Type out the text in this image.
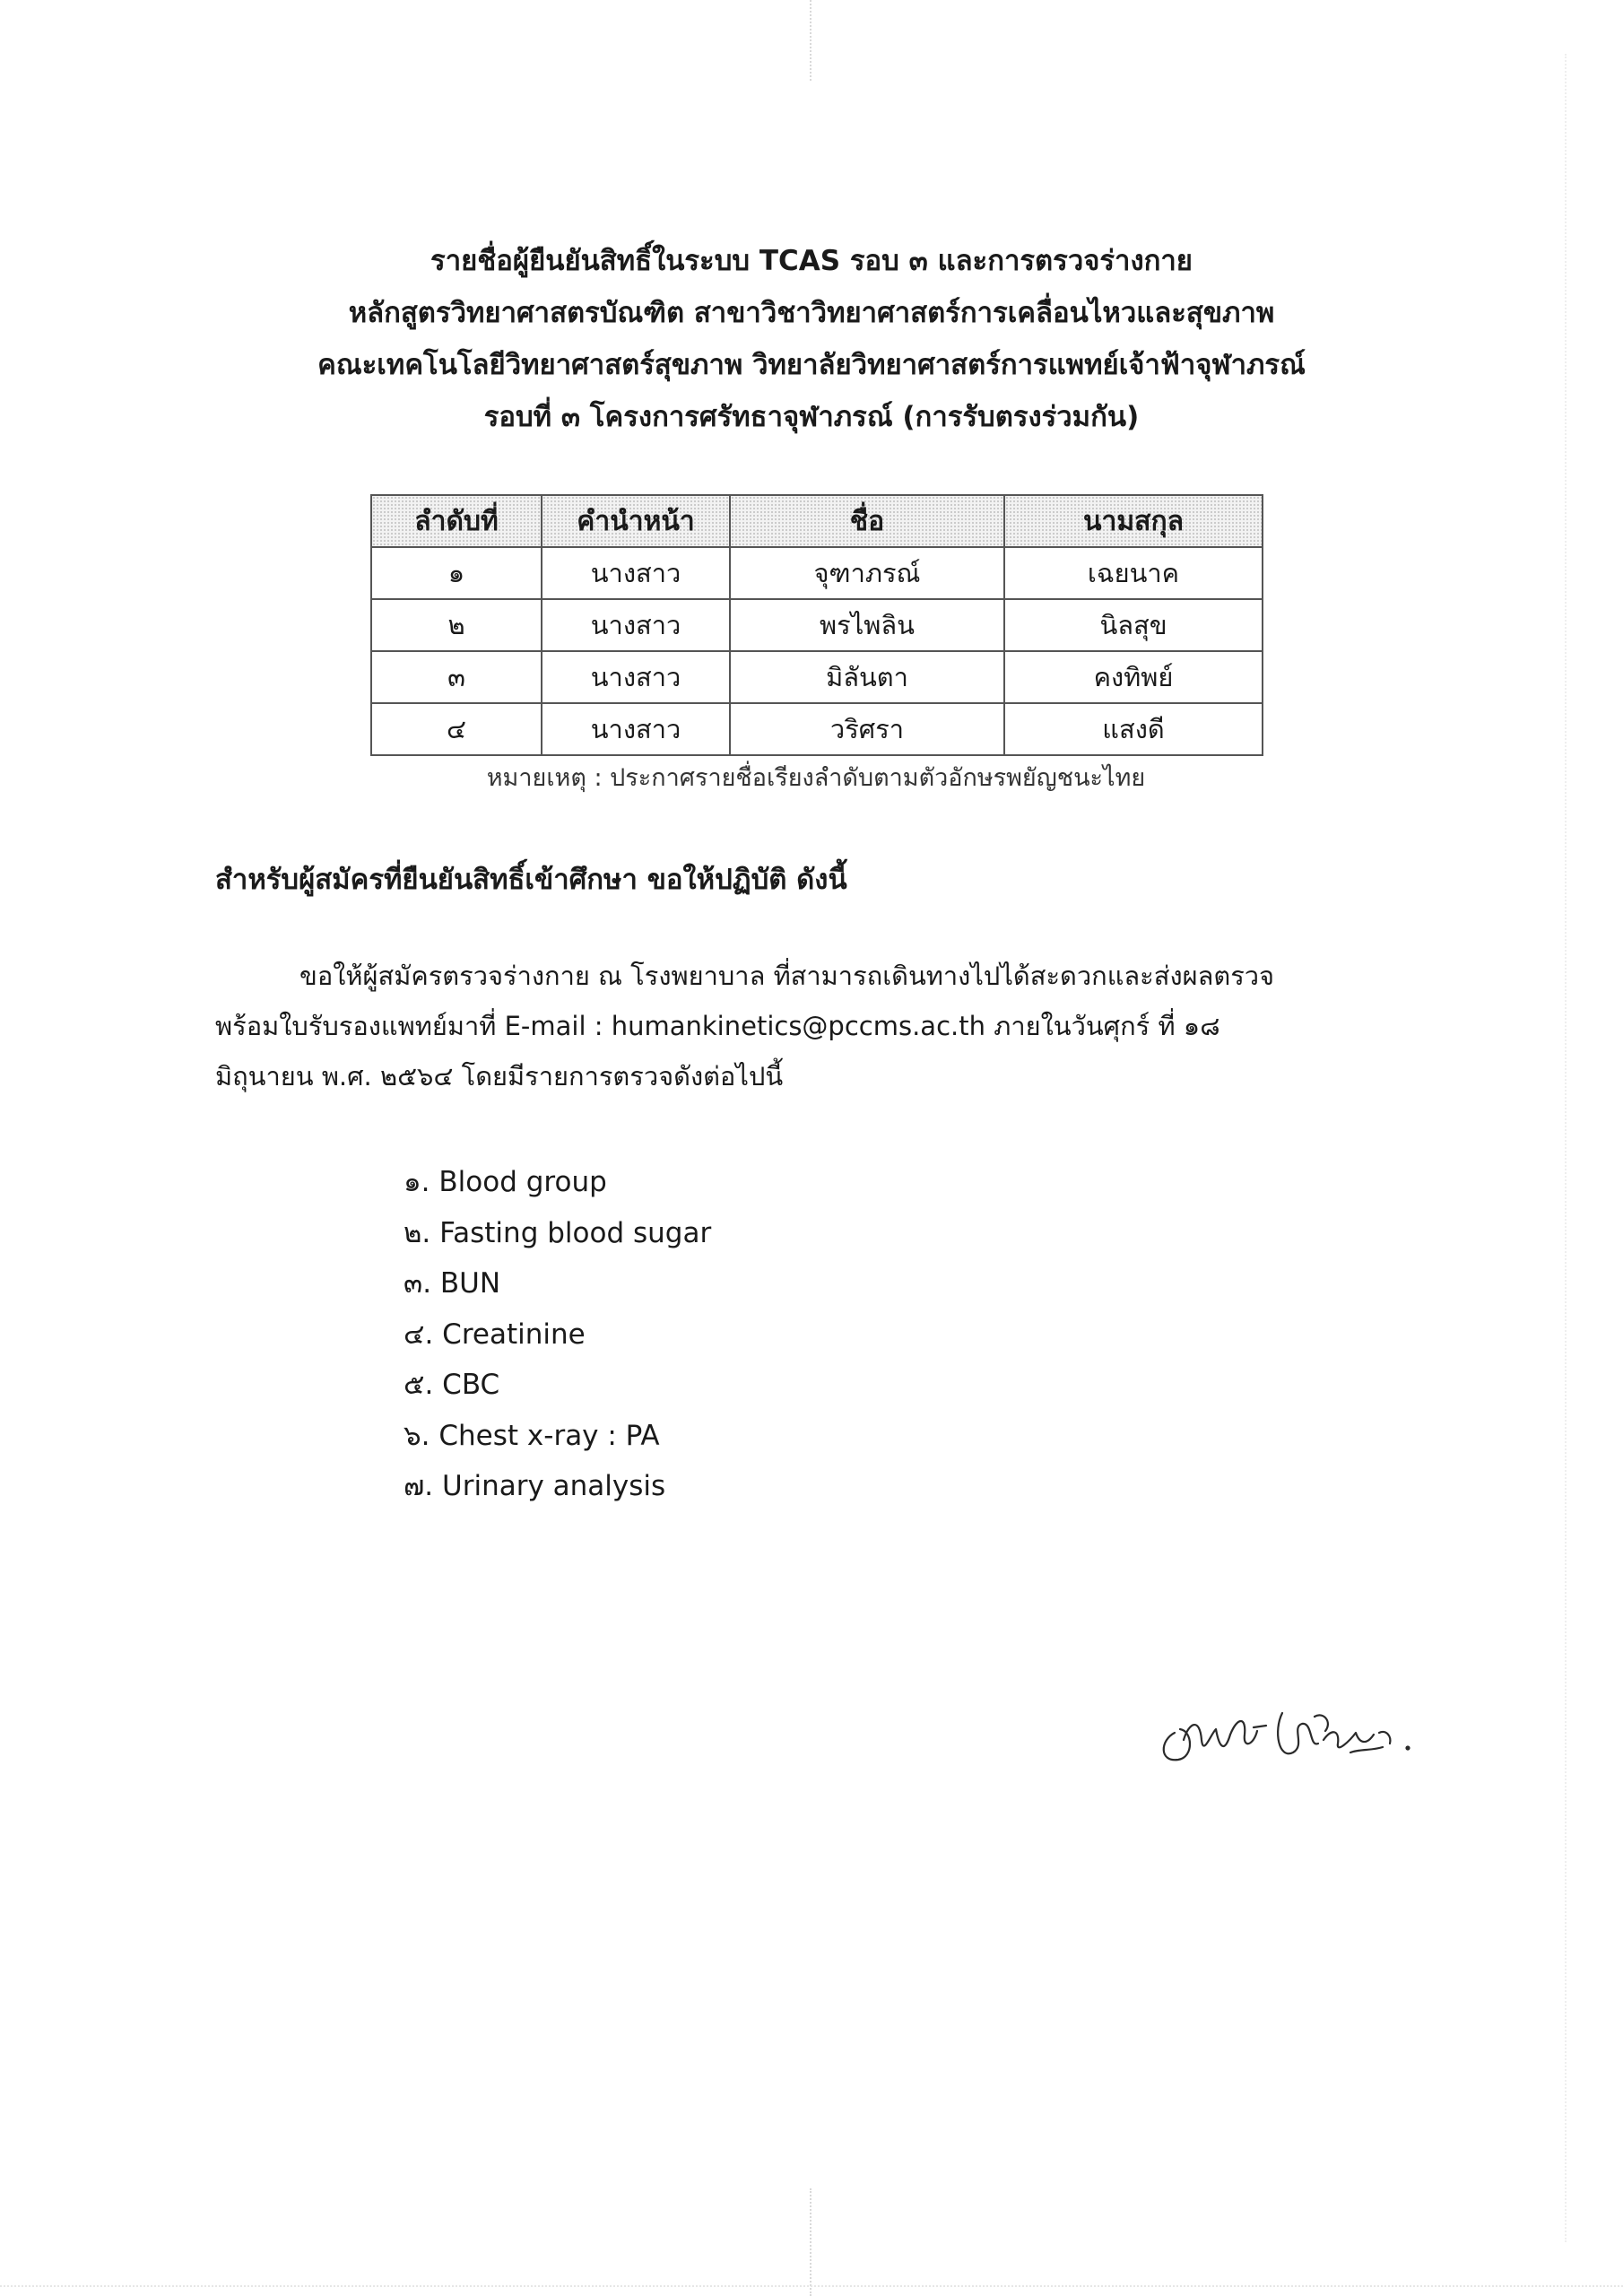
รายชื่อผู้ยืนยันสิทธิ์ในระบบ TCAS รอบ ๓ และการตรวจร่างกาย
หลักสูตรวิทยาศาสตรบัณฑิต สาขาวิชาวิทยาศาสตร์การเคลื่อนไหวและสุขภาพ
คณะเทคโนโลยีวิทยาศาสตร์สุขภาพ วิทยาลัยวิทยาศาสตร์การแพทย์เจ้าฟ้าจุฬาภรณ์
รอบที่ ๓ โครงการศรัทธาจุฬาภรณ์ (การรับตรงร่วมกัน)
ลำดับที่	คำนำหน้า	ชื่อ	นามสกุล
๑	นางสาว	จุฑาภรณ์	เฉยนาค
๒	นางสาว	พรไพลิน	นิลสุข
๓	นางสาว	มิลันตา	คงทิพย์
๔	นางสาว	วริศรา	แสงดี
หมายเหตุ : ประกาศรายชื่อเรียงลำดับตามตัวอักษรพยัญชนะไทย
สำหรับผู้สมัครที่ยืนยันสิทธิ์เข้าศึกษา ขอให้ปฏิบัติ ดังนี้
ขอให้ผู้สมัครตรวจร่างกาย ณ โรงพยาบาล ที่สามารถเดินทางไปได้สะดวกและส่งผลตรวจ
พร้อมใบรับรองแพทย์มาที่ E-mail : humankinetics@pccms.ac.th ภายในวันศุกร์ ที่ ๑๘
มิถุนายน พ.ศ. ๒๕๖๔ โดยมีรายการตรวจดังต่อไปนี้
๑. Blood group
๒. Fasting blood sugar
๓. BUN
๔. Creatinine
๕. CBC
๖. Chest x-ray : PA
๗. Urinary analysis
